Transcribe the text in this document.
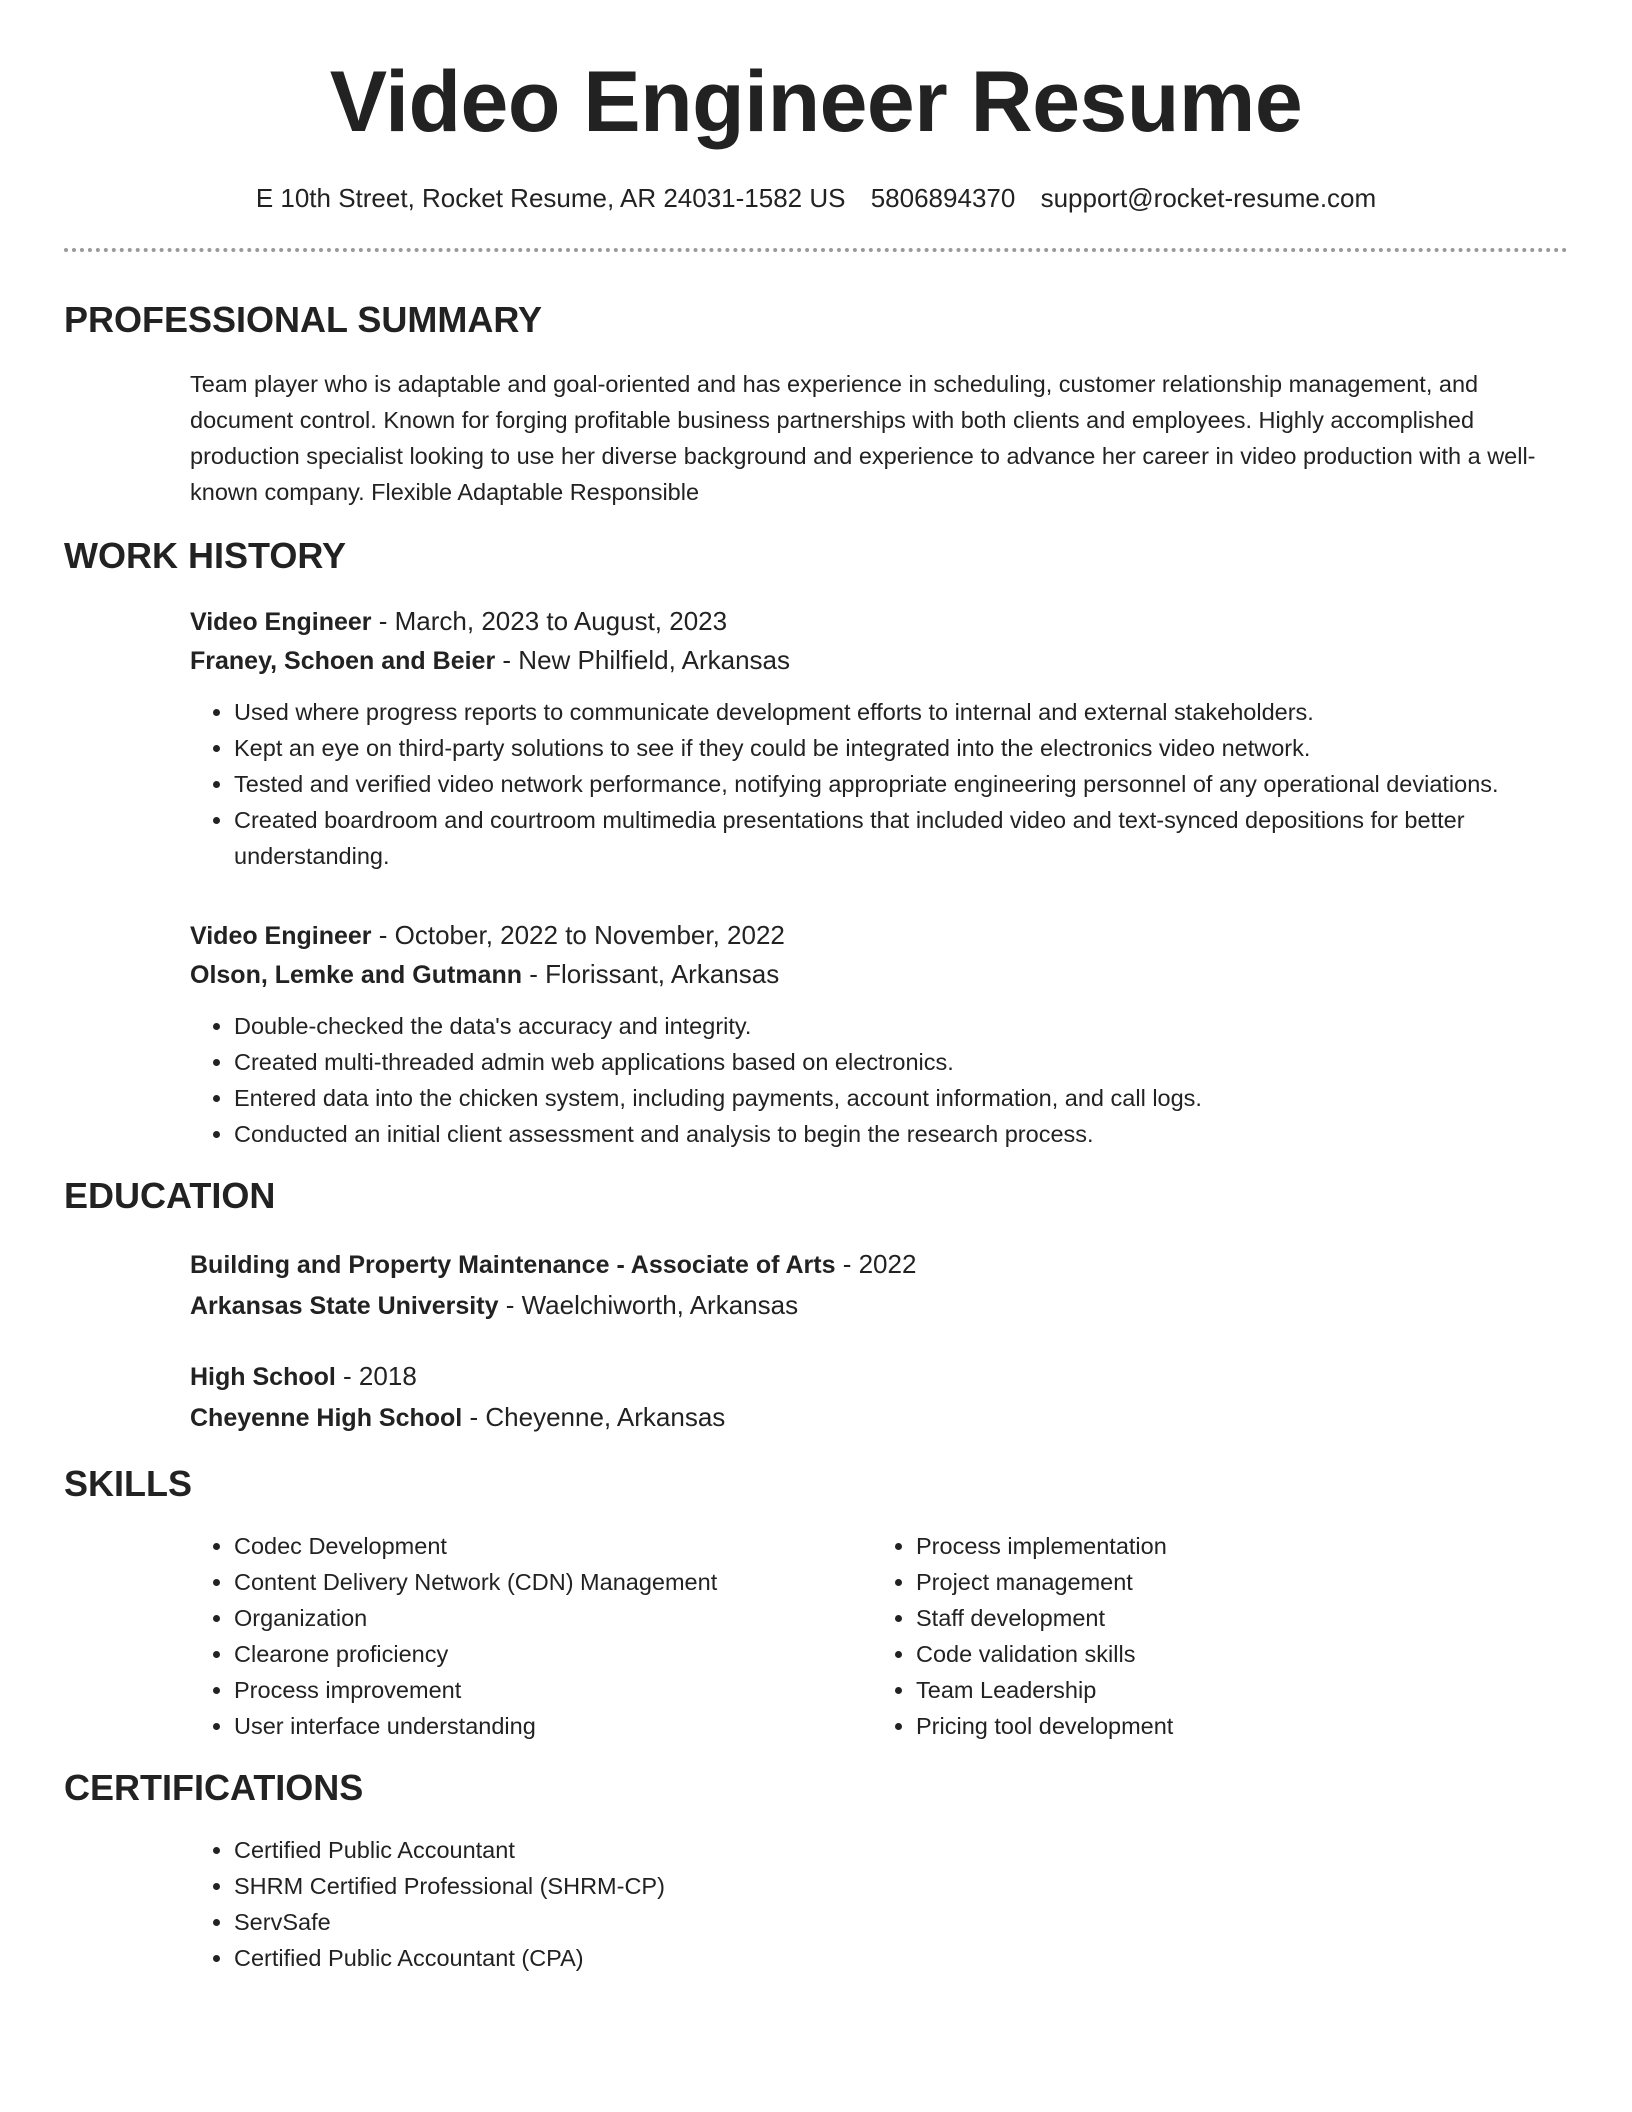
Video Engineer Resume
E 10th Street, Rocket Resume, AR 24031-1582 US 5806894370 support@rocket-resume.com
PROFESSIONAL SUMMARY
Team player who is adaptable and goal-oriented and has experience in scheduling, customer relationship management, and document control. Known for forging profitable business partnerships with both clients and employees. Highly accomplished production specialist looking to use her diverse background and experience to advance her career in video production with a well-known company. Flexible Adaptable Responsible
WORK HISTORY
Video Engineer - March, 2023 to August, 2023
Franey, Schoen and Beier - New Philfield, Arkansas
• Used where progress reports to communicate development efforts to internal and external stakeholders.
• Kept an eye on third-party solutions to see if they could be integrated into the electronics video network.
• Tested and verified video network performance, notifying appropriate engineering personnel of any operational deviations.
• Created boardroom and courtroom multimedia presentations that included video and text-synced depositions for better understanding.
Video Engineer - October, 2022 to November, 2022
Olson, Lemke and Gutmann - Florissant, Arkansas
• Double-checked the data's accuracy and integrity.
• Created multi-threaded admin web applications based on electronics.
• Entered data into the chicken system, including payments, account information, and call logs.
• Conducted an initial client assessment and analysis to begin the research process.
EDUCATION
Building and Property Maintenance - Associate of Arts - 2022
Arkansas State University - Waelchiworth, Arkansas
High School - 2018
Cheyenne High School - Cheyenne, Arkansas
SKILLS
• Codec Development
• Content Delivery Network (CDN) Management
• Organization
• Clearone proficiency
• Process improvement
• User interface understanding
• Process implementation
• Project management
• Staff development
• Code validation skills
• Team Leadership
• Pricing tool development
CERTIFICATIONS
• Certified Public Accountant
• SHRM Certified Professional (SHRM-CP)
• ServSafe
• Certified Public Accountant (CPA)
